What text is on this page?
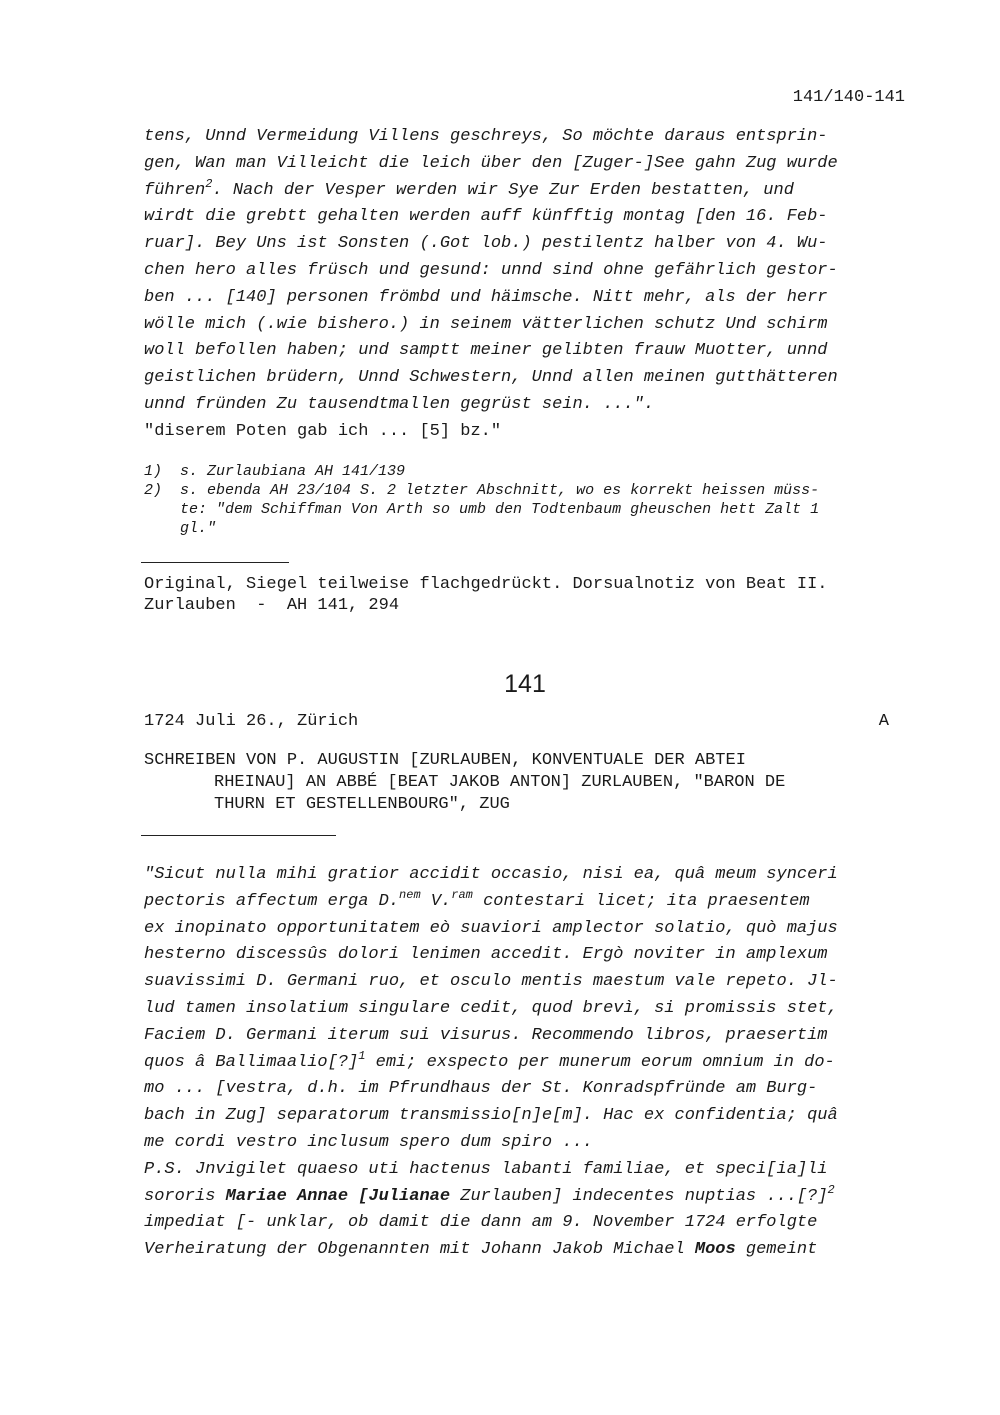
141/140-141
tens, Unnd Vermeidung Villens geschreys, So möchte daraus entsprin-
gen, Wan man Villeicht die leich über den [Zuger-]See gahn Zug wurde
führen$^2$. Nach der Vesper werden wir Sye Zur Erden bestatten, und
wirdt die grebtt gehalten werden auff künfftig montag [den 16. Feb-
ruar]. Bey Uns ist Sonsten (.Got lob.) pestilentz halber von 4. Wu-
chen hero alles früsch und gesund: unnd sind ohne gefährlich gestor-
ben ... [140] personen frömbd und häimsche. Nitt mehr, als der herr
wölle mich (.wie bishero.) in seinem vätterlichen schutz Und schirm
woll befollen haben; und samptt meiner gelibten frauw Muotter, unnd
geistlichen brüdern, Unnd Schwestern, Unnd allen meinen gutthätteren
unnd fründen Zu tausendtmallen gegrüst sein. ...".
"diserem Poten gab ich ... [5] bz."
1)	s. Zurlaubiana AH 141/139
2)	s. ebenda AH 23/104 S. 2 letzter Abschnitt, wo es korrekt heissen müss-
te: "dem Schiffman Von Arth so umb den Todtenbaum gheuschen hett Zalt 1
gl."
Original, Siegel teilweise flachgedrückt. Dorsualnotiz von Beat II.
Zurlauben  -  AH 141, 294
141
1724 Juli 26., Zürich	A
SCHREIBEN VON P. AUGUSTIN [ZURLAUBEN, KONVENTUALE DER ABTEI
RHEINAU] AN ABBÉ [BEAT JAKOB ANTON] ZURLAUBEN, "BARON DE
THURN ET GESTELLENBOURG", ZUG
"Sicut nulla mihi gratior accidit occasio, nisi ea, quâ meum synceri
pectoris affectum erga D.$^{nem}$ V.$^{ram}$ contestari licet; ita praesentem
ex inopinato opportunitatem eò suaviori amplector solatio, quò majus
hesterno discessûs dolori lenimen accedit. Ergò noviter in amplexum
suavissimi D. Germani ruo, et osculo mentis maestum vale repeto. Jl-
lud tamen insolatium singulare cedit, quod brevì, si promissis stet,
Faciem D. Germani iterum sui visurus. Recommendo libros, praesertim
quos â Ballimaalio[?]$^1$ emi; exspecto per munerum eorum omnium in do-
mo ... [vestra, d.h. im Pfrundhaus der St. Konradspfründe am Burg-
bach in Zug] separatorum transmissio[n]e[m]. Hac ex confidentia; quâ
me cordi vestro inclusum spero dum spiro ...
P.S. Jnvigilet quaeso uti hactenus labanti familiae, et speci[ia]li
sororis Mariae Annae [Julianae Zurlauben] indecentes nuptias ...[?]$^2$
impediat [- unklar, ob damit die dann am 9. November 1724 erfolgte
Verheiratung der Obgenannten mit Johann Jakob Michael Moos gemeint
